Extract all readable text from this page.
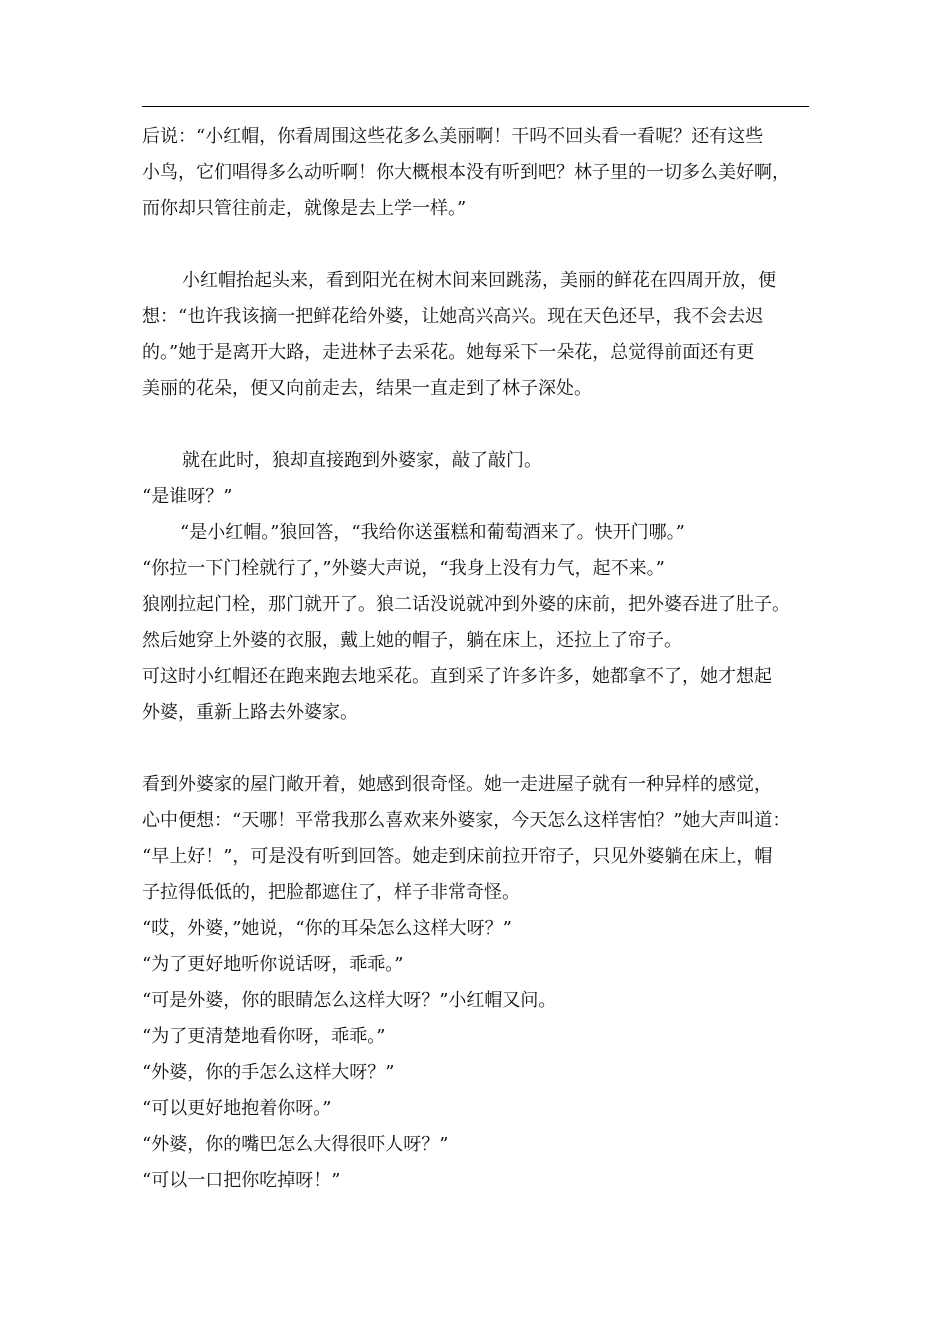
后说：“小红帽，你看周围这些花多么美丽啊！干吗不回头看一看呢？还有这些
小鸟，它们唱得多么动听啊！你大概根本没有听到吧？林子里的一切多么美好啊，
而你却只管往前走，就像是去上学一样。”
小红帽抬起头来，看到阳光在树木间来回跳荡，美丽的鲜花在四周开放，便
想：“也许我该摘一把鲜花给外婆，让她高兴高兴。现在天色还早，我不会去迟
的。”她于是离开大路，走进林子去采花。她每采下一朵花，总觉得前面还有更
美丽的花朵，便又向前走去，结果一直走到了林子深处。
就在此时，狼却直接跑到外婆家，敲了敲门。
“是谁呀？”
“是小红帽。”狼回答，“我给你送蛋糕和葡萄酒来了。快开门哪。”
“你拉一下门栓就行了，”外婆大声说，“我身上没有力气，起不来。”
狼刚拉起门栓，那门就开了。狼二话没说就冲到外婆的床前，把外婆吞进了肚子。
然后她穿上外婆的衣服，戴上她的帽子，躺在床上，还拉上了帘子。
可这时小红帽还在跑来跑去地采花。直到采了许多许多，她都拿不了，她才想起
外婆，重新上路去外婆家。
看到外婆家的屋门敞开着，她感到很奇怪。她一走进屋子就有一种异样的感觉，
心中便想：“天哪！平常我那么喜欢来外婆家，今天怎么这样害怕？”她大声叫道：
“早上好！”，可是没有听到回答。她走到床前拉开帘子，只见外婆躺在床上，帽
子拉得低低的，把脸都遮住了，样子非常奇怪。
“哎，外婆，”她说，“你的耳朵怎么这样大呀？”
“为了更好地听你说话呀，乖乖。”
“可是外婆，你的眼睛怎么这样大呀？”小红帽又问。
“为了更清楚地看你呀，乖乖。”
“外婆，你的手怎么这样大呀？”
“可以更好地抱着你呀。”
“外婆，你的嘴巴怎么大得很吓人呀？”
“可以一口把你吃掉呀！”
